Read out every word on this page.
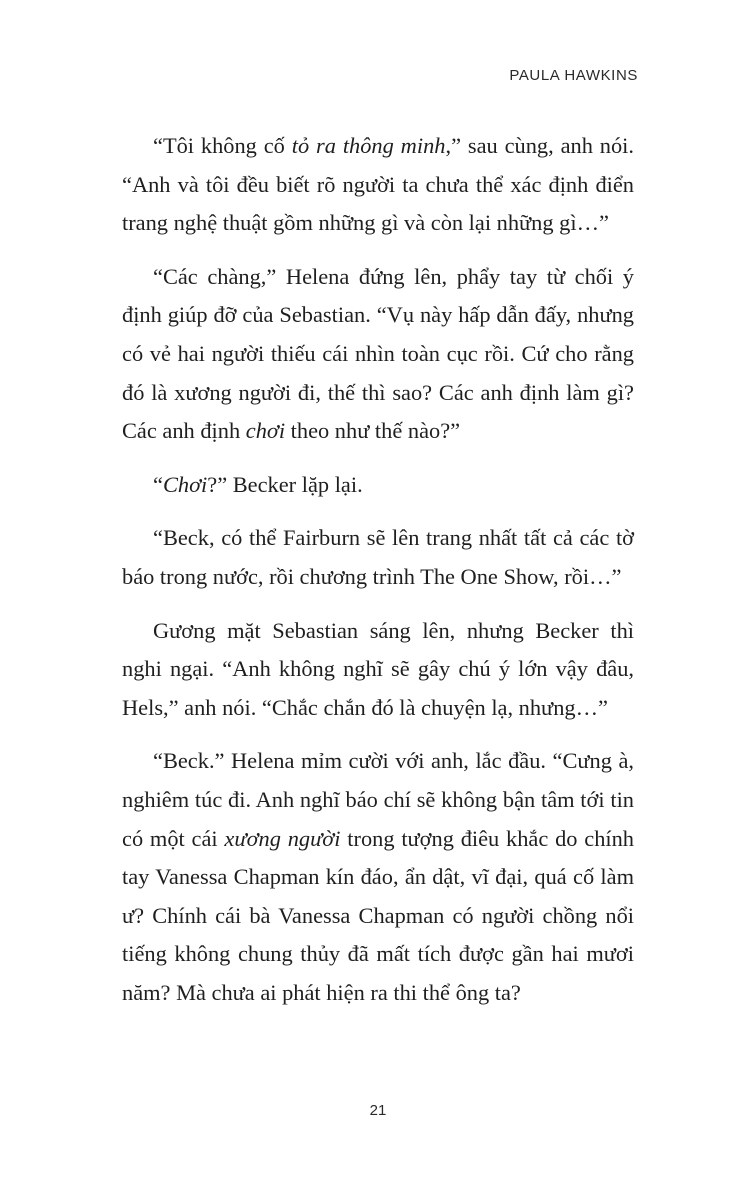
PAULA HAWKINS

“Tôi không cố tỏ ra thông minh,” sau cùng, anh nói. “Anh và tôi đều biết rõ người ta chưa thể xác định điển trang nghệ thuật gồm những gì và còn lại những gì…”

“Các chàng,” Helena đứng lên, phẩy tay từ chối ý định giúp đỡ của Sebastian. “Vụ này hấp dẫn đấy, nhưng có vẻ hai người thiếu cái nhìn toàn cục rồi. Cứ cho rằng đó là xương người đi, thế thì sao? Các anh định làm gì? Các anh định chơi theo như thế nào?”

“Chơi?” Becker lặp lại.

“Beck, có thể Fairburn sẽ lên trang nhất tất cả các tờ báo trong nước, rồi chương trình The One Show, rồi…”

Gương mặt Sebastian sáng lên, nhưng Becker thì nghi ngại. “Anh không nghĩ sẽ gây chú ý lớn vậy đâu, Hels,” anh nói. “Chắc chắn đó là chuyện lạ, nhưng…”

“Beck.” Helena mỉm cười với anh, lắc đầu. “Cưng à, nghiêm túc đi. Anh nghĩ báo chí sẽ không bận tâm tới tin có một cái xương người trong tượng điêu khắc do chính tay Vanessa Chapman kín đáo, ẩn dật, vĩ đại, quá cố làm ư? Chính cái bà Vanessa Chapman có người chồng nổi tiếng không chung thủy đã mất tích được gần hai mươi năm? Mà chưa ai phát hiện ra thi thể ông ta?

21
